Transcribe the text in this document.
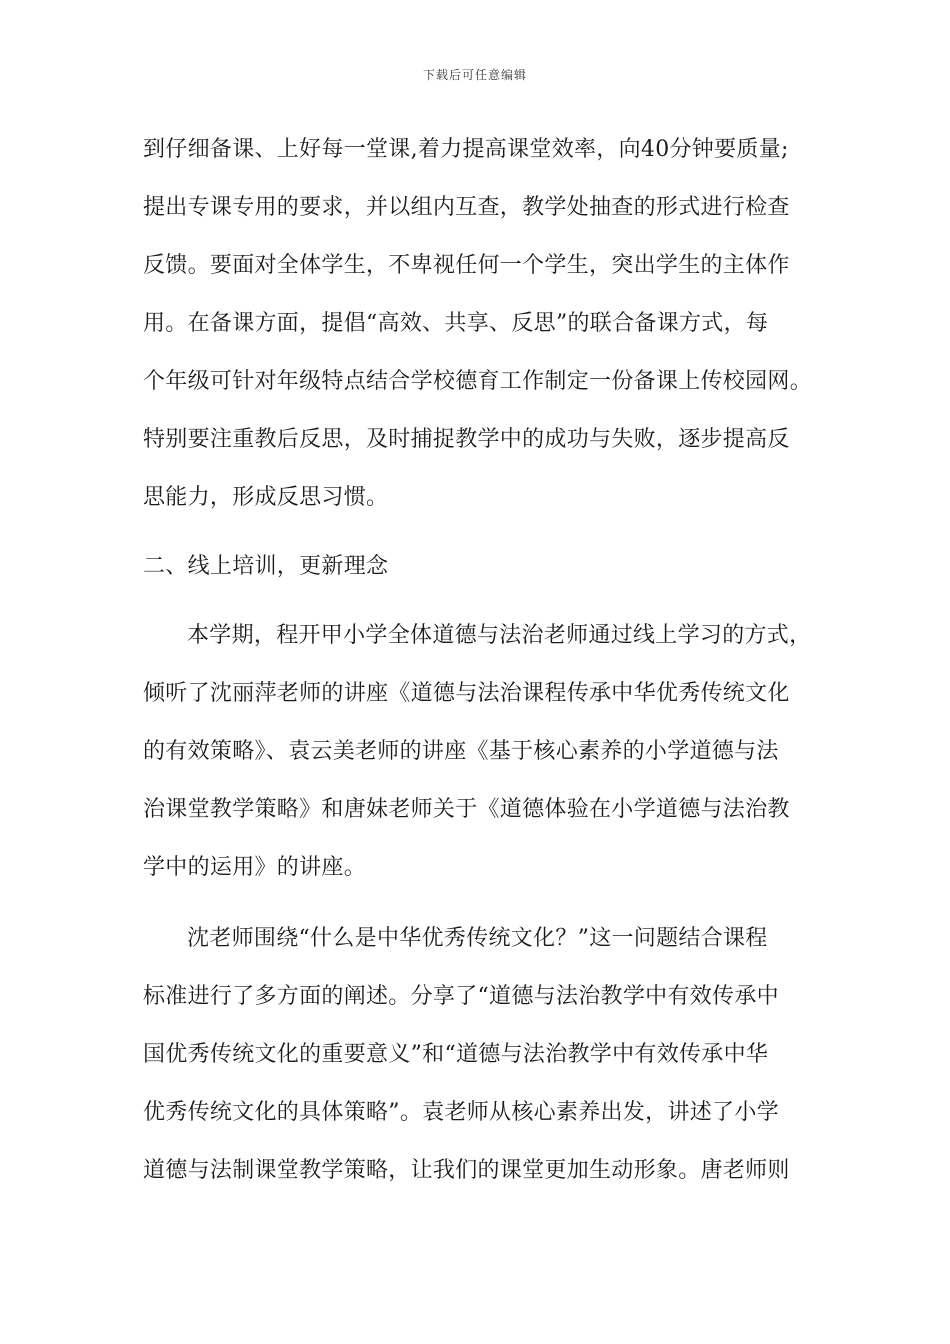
下载后可任意编辑
到仔细备课、上好每一堂课,着力提高课堂效率，向40分钟要质量;
提出专课专用的要求，并以组内互查，教学处抽查的形式进行检查
反馈。要面对全体学生，不卑视任何一个学生，突出学生的主体作
用。在备课方面，提倡“高效、共享、反思”的联合备课方式，每
个年级可针对年级特点结合学校德育工作制定一份备课上传校园网。
特别要注重教后反思，及时捕捉教学中的成功与失败，逐步提高反
思能力，形成反思习惯。
二、线上培训，更新理念
本学期，程开甲小学全体道德与法治老师通过线上学习的方式，
倾听了沈丽萍老师的讲座《道德与法治课程传承中华优秀传统文化
的有效策略》、袁云美老师的讲座《基于核心素养的小学道德与法
治课堂教学策略》和唐妹老师关于《道德体验在小学道德与法治教
学中的运用》的讲座。
沈老师围绕“什么是中华优秀传统文化？”这一问题结合课程
标准进行了多方面的阐述。分享了“道德与法治教学中有效传承中
国优秀传统文化的重要意义”和“道德与法治教学中有效传承中华
优秀传统文化的具体策略”。袁老师从核心素养出发，讲述了小学
道德与法制课堂教学策略，让我们的课堂更加生动形象。唐老师则
